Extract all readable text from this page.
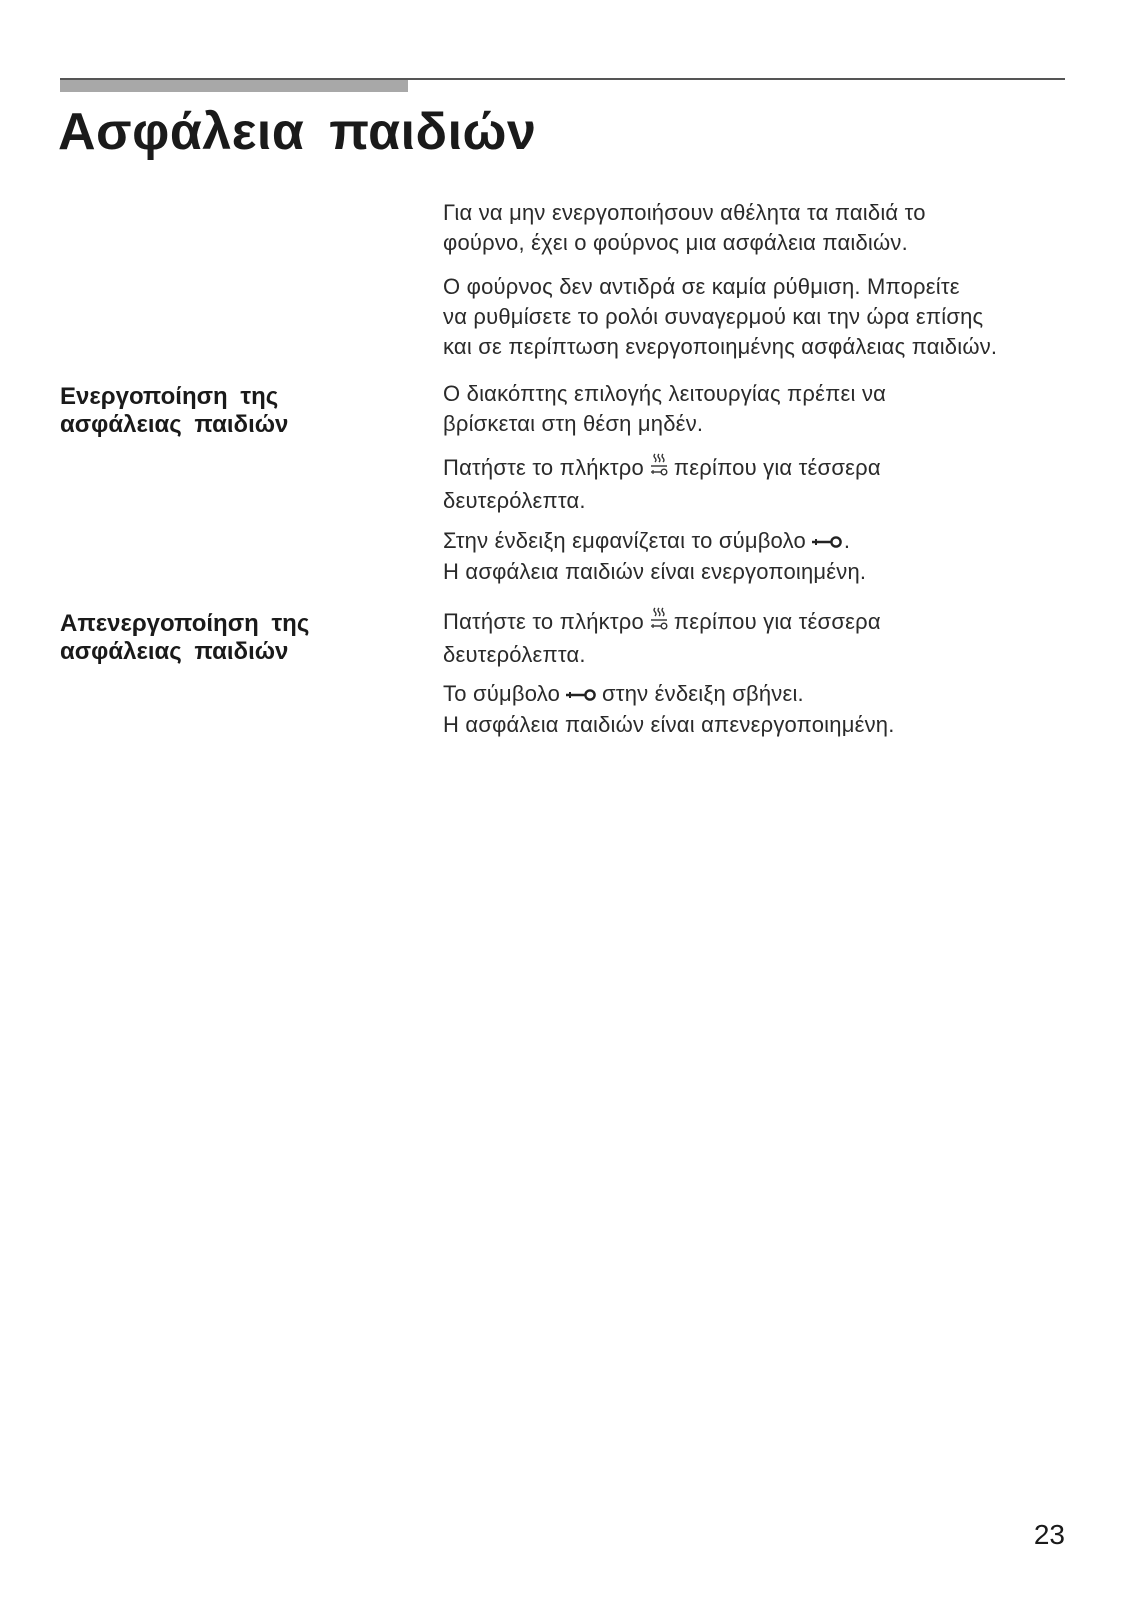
Ασφάλεια παιδιών

Για να μην ενεργοποιήσουν αθέλητα τα παιδιά το
φούρνο, έχει ο φούρνος μια ασφάλεια παιδιών.

Ο φούρνος δεν αντιδρά σε καμία ρύθμιση. Μπορείτε
να ρυθμίσετε το ρολόι συναγερμού και την ώρα επίσης
και σε περίπτωση ενεργοποιημένης ασφάλειας παιδιών.

Ενεργοποίηση της
ασφάλειας παιδιών

Ο διακόπτης επιλογής λειτουργίας πρέπει να
βρίσκεται στη θέση μηδέν.

Πατήστε το πλήκτρο περίπου για τέσσερα
δευτερόλεπτα.

Στην ένδειξη εμφανίζεται το σύμβολο .
Η ασφάλεια παιδιών είναι ενεργοποιημένη.

Απενεργοποίηση της
ασφάλειας παιδιών

Πατήστε το πλήκτρο περίπου για τέσσερα
δευτερόλεπτα.

Το σύμβολο στην ένδειξη σβήνει.
Η ασφάλεια παιδιών είναι απενεργοποιημένη.

23
